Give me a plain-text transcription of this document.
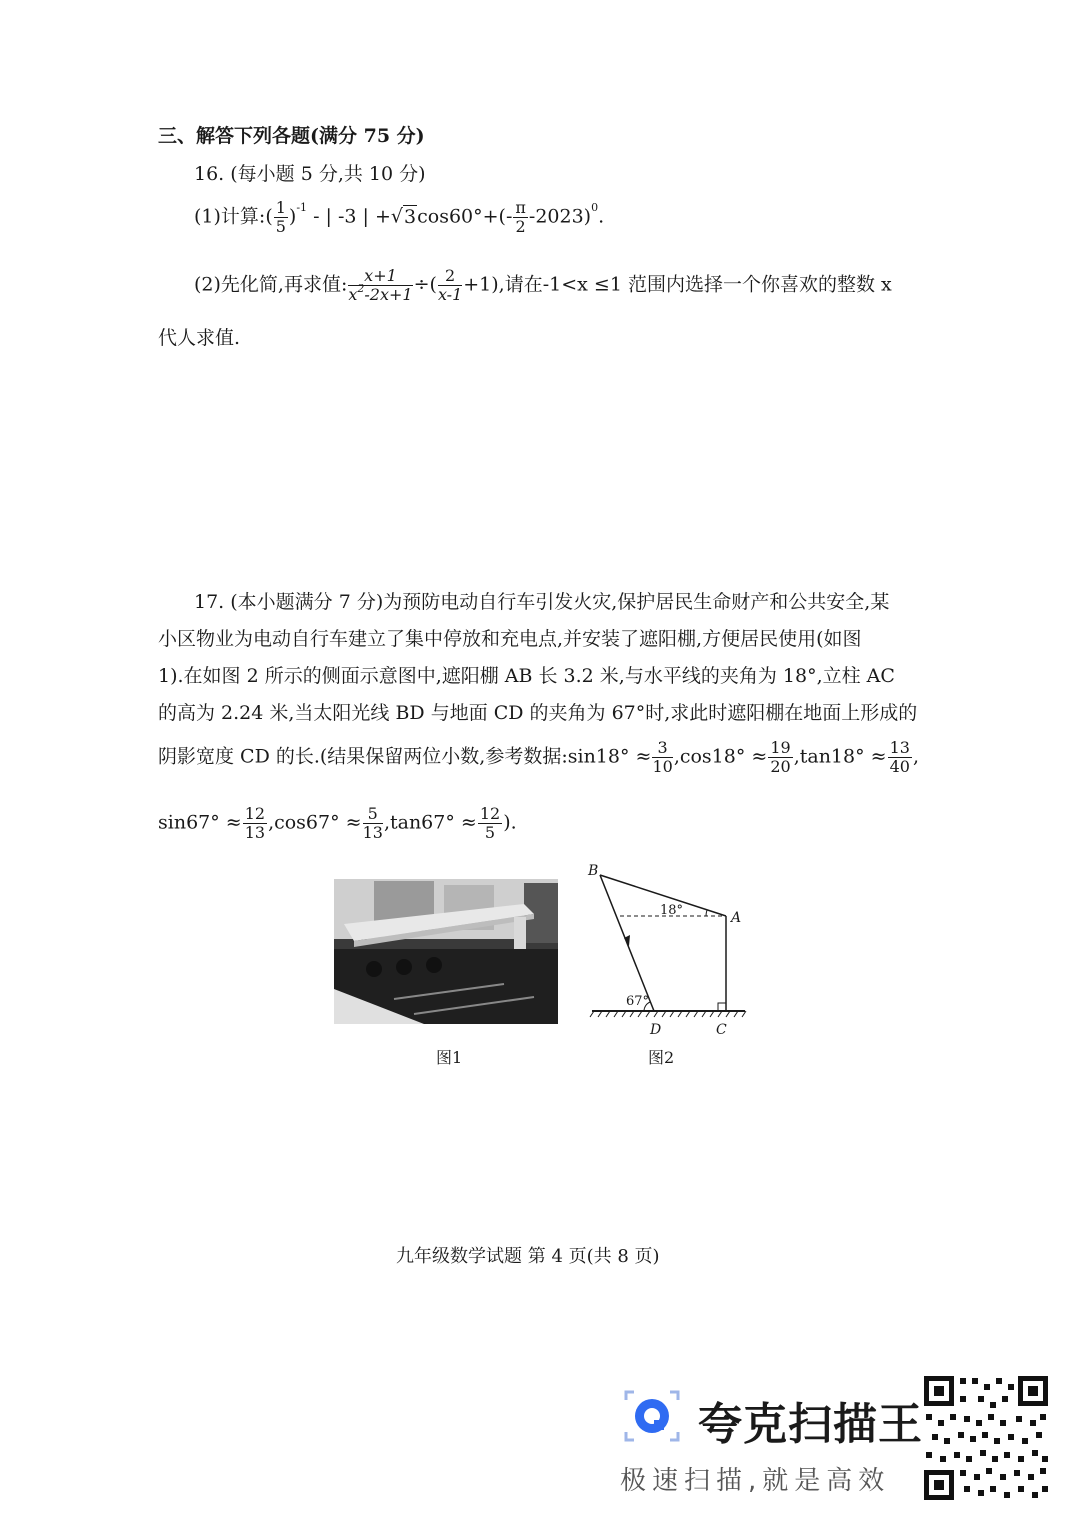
三、解答下列各题(满分 75 分)
16. (每小题 5 分,共 10 分)
(1)计算:( $\frac{1}{5} )^{-1}$ - | -3 | $+√3\cos 60^\circ+(- \frac{\pi}{2} -2023)^0$.
(2)先化简,再求值: $\frac{x+1}{x^2-2x+1}$ ÷( $\frac{2}{x-1} +1$),请在-1<x ≤1 范围内选择一个你喜欢的整数 x
代人求值.
17. (本小题满分 7 分)为预防电动自行车引发火灾,保护居民生命财产和公共安全,某
小区物业为电动自行车建立了集中停放和充电点,并安装了遮阳棚,方便居民使用(如图
1).在如图 2 所示的侧面示意图中,遮阳棚 AB 长 3.2 米,与水平线的夹角为 18°,立柱 AC
的高为 2.24 米,当太阳光线 BD 与地面 CD 的夹角为 67°时,求此时遮阳棚在地面上形成的
阴影宽度 CD 的长.(结果保留两位小数,参考数据:sin18° ≈ $\frac{3}{10} ,\cos 18^\circ \approx \frac{19}{20} ,\tan 18^\circ \approx \frac{13}{40}$ ,
$\sin 67^\circ \approx \frac{12}{13} ,\cos 67^\circ \approx \frac{5}{13} ,\tan 67^\circ \approx \frac{12}{5}$ ).
图1
B
A
C
D
18°
67°
图2
九年级数学试题 第 4 页(共 8 页)
夸克扫描王
极速扫描,就是高效
